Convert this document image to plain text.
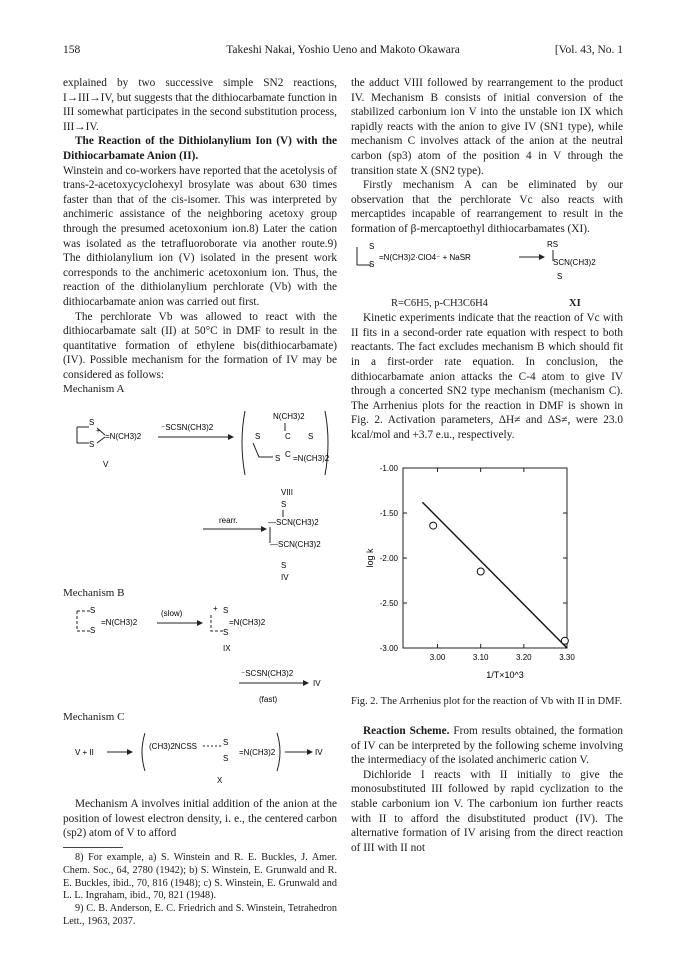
158	Takeshi Nakai, Yoshio Ueno and Makoto Okawara	[Vol. 43, No. 1

explained by two successive simple SN2 reactions, I→III→IV, but suggests that the dithiocarbamate function in III somewhat participates in the second substitution process, III→IV.

The Reaction of the Dithiolanylium Ion (V) with the Dithiocarbamate Anion (II).

Winstein and co-workers have reported that the acetolysis of trans-2-acetoxycyclohexyl brosylate was about 630 times faster than that of the cis-isomer. This was interpreted by anchimeric assistance of the neighboring acetoxy group through the presumed acetoxonium ion.8) Later the cation was isolated as the tetrafluoroborate via another route.9) The dithiolanylium ion (V) isolated in the present work corresponds to the anchimeric acetoxonium ion. Thus, the reaction of the dithiolanylium perchlorate (Vb) with the dithiocarbamate anion was carried out first.

The perchlorate Vb was allowed to react with the dithiocarbamate salt (II) at 50°C in DMF to result in the quantitative formation of ethylene bis(dithiocarbamate) (IV). Possible mechanism for the formation of IV may be considered as follows:

Mechanism A
S
S
+
=N(CH3)2
V
⁻SCSN(CH3)2
N(CH3)2
S	C S
S C =N(CH3)2
VIII
rearr.
S
—SCN(CH3)2
—SCN(CH3)2

S
IV
Mechanism B
S
S
=N(CH3)2
(slow)
+ S
S
=N(CH3)2
IX
⁻SCSN(CH3)2
IV

(fast)
Mechanism C
V + II
(CH3)2NCSS	S
S
=N(CH3)2	IV
X

Mechanism A involves initial addition of the anion at the position of lowest electron density, i. e., the centered carbon (sp2) atom of V to afford

8) For example, a) S. Winstein and R. E. Buckles, J. Amer. Chem. Soc., 64, 2780 (1942); b) S. Winstein, E. Grunwald and R. E. Buckles, ibid., 70, 816 (1948); c) S. Winstein, E. Grunwald and L. L. Ingraham, ibid., 70, 821 (1948).

9) C. B. Anderson, E. C. Friedrich and S. Winstein, Tetrahedron Lett., 1963, 2037.

the adduct VIII followed by rearrangement to the product IV. Mechanism B consists of initial conversion of the stabilized carbonium ion V into the unstable ion IX which rapidly reacts with the anion to give IV (SN1 type), while mechanism C involves attack of the anion at the neutral carbon (sp3) atom of the position 4 in V through the transition state X (SN2 type).

Firstly mechanism A can be eliminated by our observation that the perchlorate Vc also reacts with mercaptides incapable of rearrangement to result in the formation of β-mercaptoethyl dithiocarbamates (XI).

S
S
=N(CH3)2·ClO4⁻ + NaSR
RS
SCN(CH3)2
S
R=C6H5, p-CH3C6H4	XI

Kinetic experiments indicate that the reaction of Vc with II fits in a second-order rate equation with respect to both reactants. The fact excludes mechanism B which should fit in a first-order rate equation. In conclusion, the dithiocarbamate anion attacks the C-4 atom to give IV through a concerted SN2 type mechanism (mechanism C). The Arrhenius plots for the reaction in DMF is shown in Fig. 2. Activation parameters, ΔH≠ and ΔS≠, were 23.0 kcal/mol and +3.7 e.u., respectively.

-1.00
-1.50
-2.00
-2.50
-3.00
3.00	3.10	3.20	3.30
log k
1/T×10^3

Fig. 2. The Arrhenius plot for the reaction of Vb with II in DMF.

Reaction Scheme. From results obtained, the formation of IV can be interpreted by the following scheme involving the intermediacy of the isolated anchimeric cation V.

Dichloride I reacts with II initially to give the monosubstituted III followed by rapid cyclization to the stable carbonium ion V. The carbonium ion further reacts with II to afford the disubstituted product (IV). The alternative formation of IV arising from the direct reaction of III with II not
